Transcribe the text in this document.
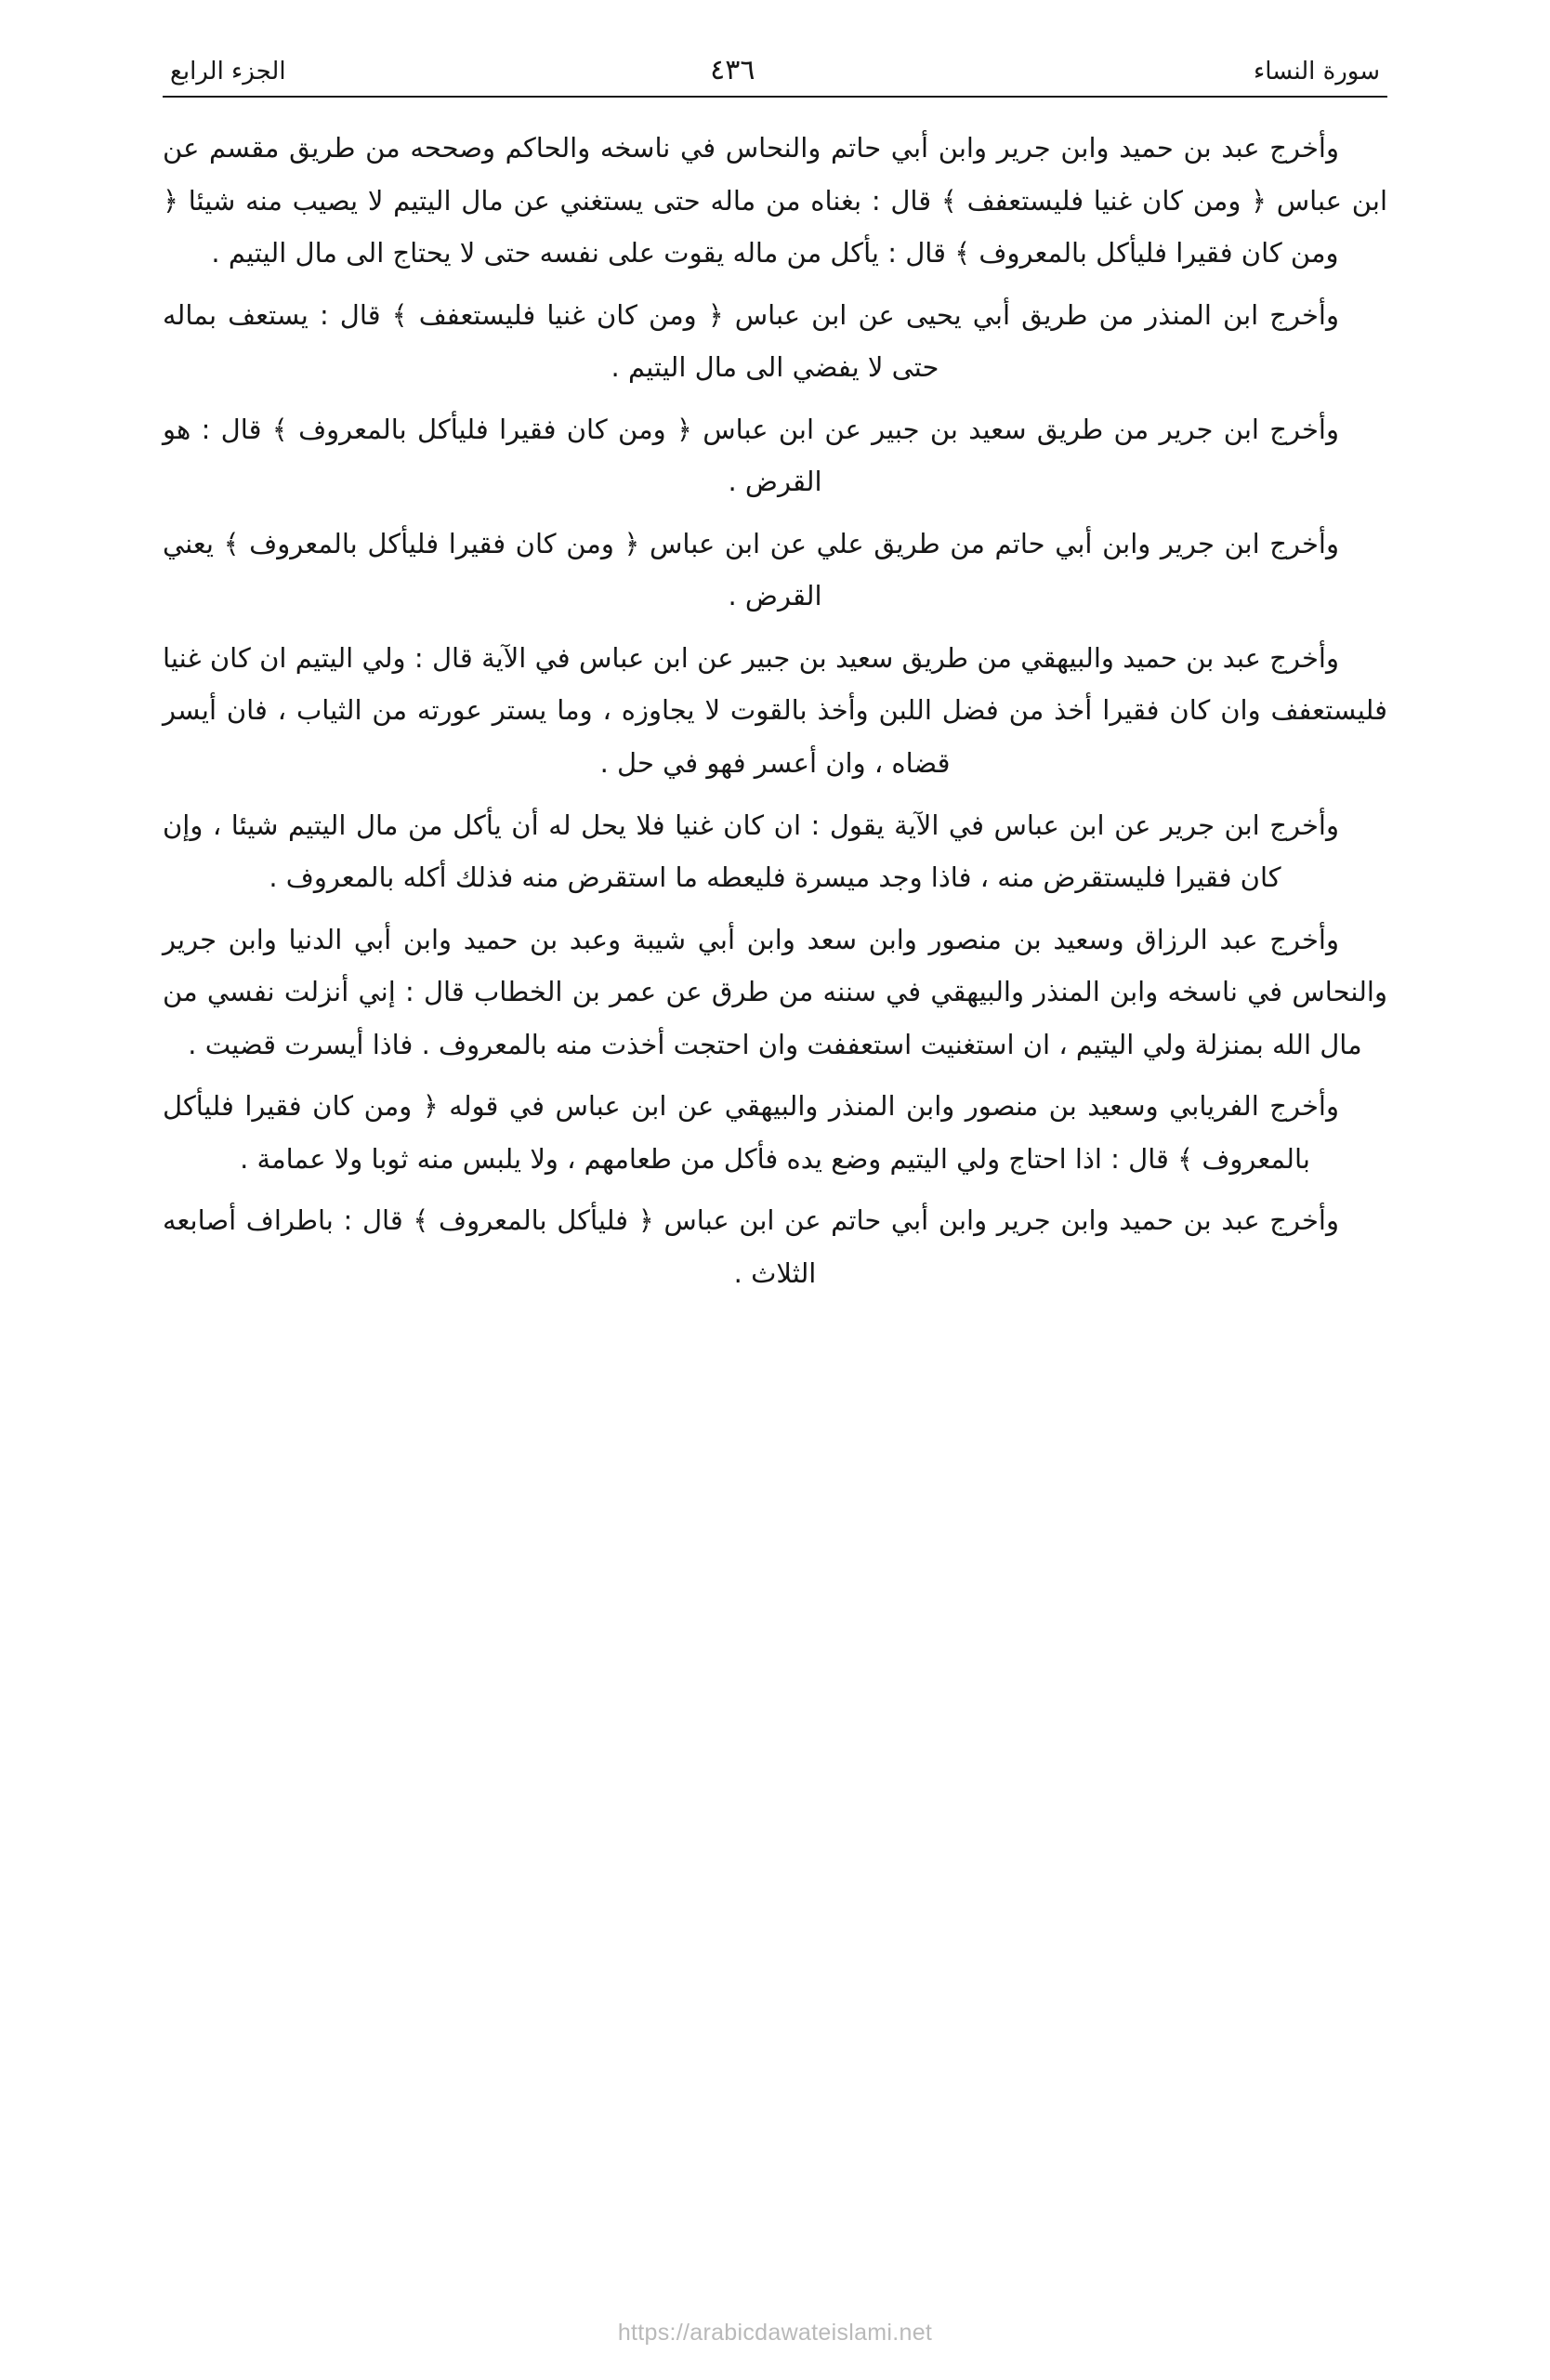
سورة النساء
٤٣٦
الجزء الرابع

وأخرج عبد بن حميد وابن جرير وابن أبي حاتم والنحاس في ناسخه والحاكم وصححه من طريق مقسم عن ابن عباس ﴿ ومن كان غنيا فليستعفف ﴾ قال : بغناه من ماله حتى يستغني عن مال اليتيم لا يصيب منه شيئا ﴿ ومن كان فقيرا فليأكل بالمعروف ﴾ قال : يأكل من ماله يقوت على نفسه حتى لا يحتاج الى مال اليتيم .

وأخرج ابن المنذر من طريق أبي يحيى عن ابن عباس ﴿ ومن كان غنيا فليستعفف ﴾ قال : يستعف بماله حتى لا يفضي الى مال اليتيم .

وأخرج ابن جرير من طريق سعيد بن جبير عن ابن عباس ﴿ ومن كان فقيرا فليأكل بالمعروف ﴾ قال : هو القرض .

وأخرج ابن جرير وابن أبي حاتم من طريق علي عن ابن عباس ﴿ ومن كان فقيرا فليأكل بالمعروف ﴾ يعني القرض .

وأخرج عبد بن حميد والبيهقي من طريق سعيد بن جبير عن ابن عباس في الآية قال : ولي اليتيم ان كان غنيا فليستعفف وان كان فقيرا أخذ من فضل اللبن وأخذ بالقوت لا يجاوزه ، وما يستر عورته من الثياب ، فان أيسر قضاه ، وان أعسر فهو في حل .

وأخرج ابن جرير عن ابن عباس في الآية يقول : ان كان غنيا فلا يحل له أن يأكل من مال اليتيم شيئا ، وإن كان فقيرا فليستقرض منه ، فاذا وجد ميسرة فليعطه ما استقرض منه فذلك أكله بالمعروف .

وأخرج عبد الرزاق وسعيد بن منصور وابن سعد وابن أبي شيبة وعبد بن حميد وابن أبي الدنيا وابن جرير والنحاس في ناسخه وابن المنذر والبيهقي في سننه من طرق عن عمر بن الخطاب قال : إني أنزلت نفسي من مال الله بمنزلة ولي اليتيم ، ان استغنيت استعففت وان احتجت أخذت منه بالمعروف . فاذا أيسرت قضيت .

وأخرج الفريابي وسعيد بن منصور وابن المنذر والبيهقي عن ابن عباس في قوله ﴿ ومن كان فقيرا فليأكل بالمعروف ﴾ قال : اذا احتاج ولي اليتيم وضع يده فأكل من طعامهم ، ولا يلبس منه ثوبا ولا عمامة .

وأخرج عبد بن حميد وابن جرير وابن أبي حاتم عن ابن عباس ﴿ فليأكل بالمعروف ﴾ قال : باطراف أصابعه الثلاث .

https://arabicdawateislami.net
